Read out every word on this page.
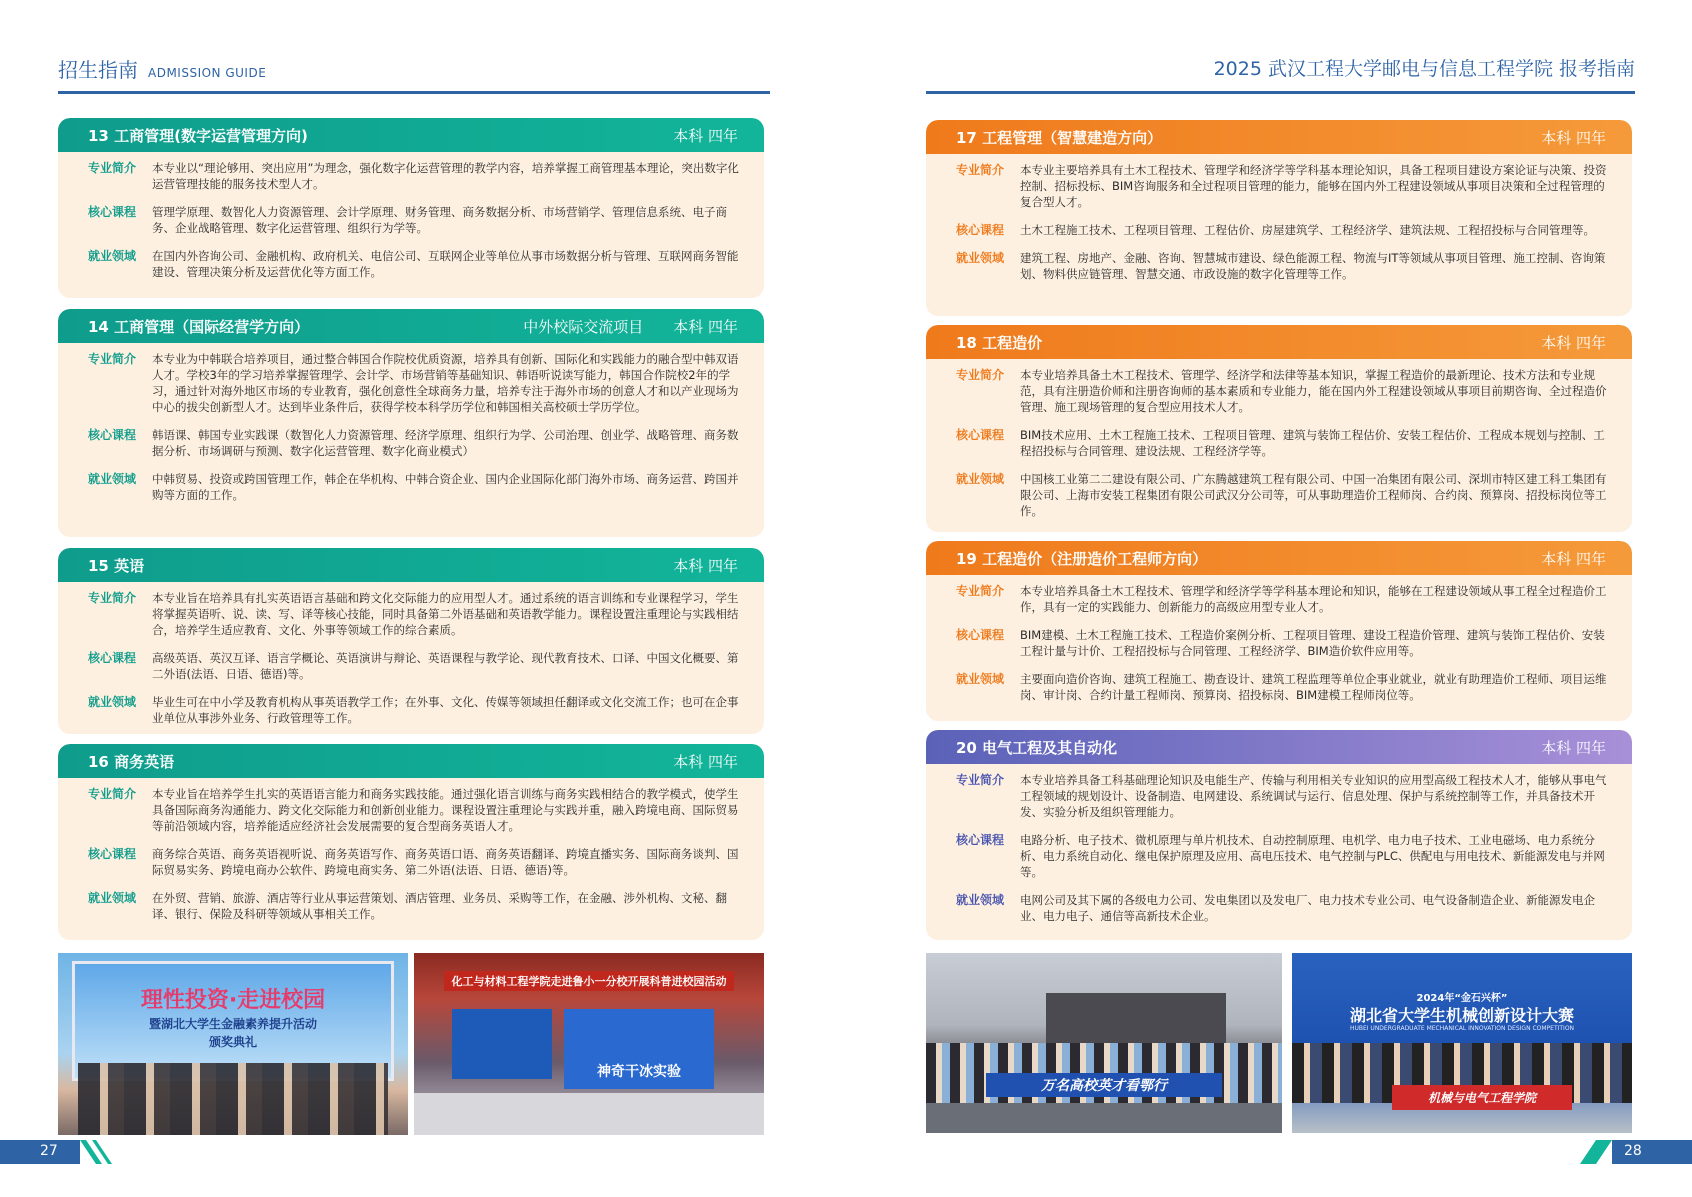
招生指南 ADMISSION GUIDE
13 工商管理(数字运营管理方向)	本科 四年
专业简介	本专业以“理论够用、突出应用”为理念，强化数字化运营管理的教学内容，培养掌握工商管理基本理论，突出数字化运营管理技能的服务技术型人才。
核心课程	管理学原理、数智化人力资源管理、会计学原理、财务管理、商务数据分析、市场营销学、管理信息系统、电子商务、企业战略管理、数字化运营管理、组织行为学等。
就业领域	在国内外咨询公司、金融机构、政府机关、电信公司、互联网企业等单位从事市场数据分析与管理、互联网商务智能建设、管理决策分析及运营优化等方面工作。
14 工商管理（国际经营学方向）	中外校际交流项目 本科 四年
专业简介	本专业为中韩联合培养项目，通过整合韩国合作院校优质资源，培养具有创新、国际化和实践能力的融合型中韩双语人才。学校3年的学习培养掌握管理学、会计学、市场营销等基础知识、韩语听说读写能力，韩国合作院校2年的学习，通过针对海外地区市场的专业教育，强化创意性全球商务力量，培养专注于海外市场的创意人才和以产业现场为中心的拔尖创新型人才。达到毕业条件后，获得学校本科学历学位和韩国相关高校硕士学历学位。
核心课程	韩语课、韩国专业实践课（数智化人力资源管理、经济学原理、组织行为学、公司治理、创业学、战略管理、商务数据分析、市场调研与预测、数字化运营管理、数字化商业模式）
就业领域	中韩贸易、投资或跨国管理工作，韩企在华机构、中韩合资企业、国内企业国际化部门海外市场、商务运营、跨国并购等方面的工作。
15 英语	本科 四年
专业简介	本专业旨在培养具有扎实英语语言基础和跨文化交际能力的应用型人才。通过系统的语言训练和专业课程学习，学生将掌握英语听、说、读、写、译等核心技能，同时具备第二外语基础和英语教学能力。课程设置注重理论与实践相结合，培养学生适应教育、文化、外事等领域工作的综合素质。
核心课程	高级英语、英汉互译、语言学概论、英语演讲与辩论、英语课程与教学论、现代教育技术、口译、中国文化概要、第二外语(法语、日语、德语)等。
就业领域	毕业生可在中小学及教育机构从事英语教学工作；在外事、文化、传媒等领域担任翻译或文化交流工作；也可在企事业单位从事涉外业务、行政管理等工作。
16 商务英语	本科 四年
专业简介	本专业旨在培养学生扎实的英语语言能力和商务实践技能。通过强化语言训练与商务实践相结合的教学模式，使学生具备国际商务沟通能力、跨文化交际能力和创新创业能力。课程设置注重理论与实践并重，融入跨境电商、国际贸易等前沿领域内容，培养能适应经济社会发展需要的复合型商务英语人才。
核心课程	商务综合英语、商务英语视听说、商务英语写作、商务英语口语、商务英语翻译、跨境直播实务、国际商务谈判、国际贸易实务、跨境电商办公软件、跨境电商实务、第二外语(法语、日语、德语)等。
就业领域	在外贸、营销、旅游、酒店等行业从事运营策划、酒店管理、业务员、采购等工作，在金融、涉外机构、文秘、翻译、银行、保险及科研等领域从事相关工作。
理性投资·走进校园
暨湖北大学生金融素养提升活动
颁奖典礼
化工与材料工程学院走进鲁小一分校开展科普进校园活动
神奇干冰实验
27
2025 武汉工程大学邮电与信息工程学院 报考指南
17 工程管理（智慧建造方向）	本科 四年
专业简介	本专业主要培养具有土木工程技术、管理学和经济学等学科基本理论知识，具备工程项目建设方案论证与决策、投资控制、招标投标、BIM咨询服务和全过程项目管理的能力，能够在国内外工程建设领域从事项目决策和全过程管理的复合型人才。
核心课程	土木工程施工技术、工程项目管理、工程估价、房屋建筑学、工程经济学、建筑法规、工程招投标与合同管理等。
就业领域	建筑工程、房地产、金融、咨询、智慧城市建设、绿色能源工程、物流与IT等领域从事项目管理、施工控制、咨询策划、物料供应链管理、智慧交通、市政设施的数字化管理等工作。
18 工程造价	本科 四年
专业简介	本专业培养具备土木工程技术、管理学、经济学和法律等基本知识，掌握工程造价的最新理论、技术方法和专业规范，具有注册造价师和注册咨询师的基本素质和专业能力，能在国内外工程建设领域从事项目前期咨询、全过程造价管理、施工现场管理的复合型应用技术人才。
核心课程	BIM技术应用、土木工程施工技术、工程项目管理、建筑与装饰工程估价、安装工程估价、工程成本规划与控制、工程招投标与合同管理、建设法规、工程经济学等。
就业领域	中国核工业第二二建设有限公司、广东腾越建筑工程有限公司、中国一冶集团有限公司、深圳市特区建工科工集团有限公司、上海市安装工程集团有限公司武汉分公司等，可从事助理造价工程师岗、合约岗、预算岗、招投标岗位等工作。
19 工程造价（注册造价工程师方向）	本科 四年
专业简介	本专业培养具备土木工程技术、管理学和经济学等学科基本理论和知识，能够在工程建设领域从事工程全过程造价工作，具有一定的实践能力、创新能力的高级应用型专业人才。
核心课程	BIM建模、土木工程施工技术、工程造价案例分析、工程项目管理、建设工程造价管理、建筑与装饰工程估价、安装工程计量与计价、工程招投标与合同管理、工程经济学、BIM造价软件应用等。
就业领域	主要面向造价咨询、建筑工程施工、勘查设计、建筑工程监理等单位企事业就业，就业有助理造价工程师、项目运维岗、审计岗、合约计量工程师岗、预算岗、招投标岗、BIM建模工程师岗位等。
20 电气工程及其自动化	本科 四年
专业简介	本专业培养具备工科基础理论知识及电能生产、传输与利用相关专业知识的应用型高级工程技术人才，能够从事电气工程领域的规划设计、设备制造、电网建设、系统调试与运行、信息处理、保护与系统控制等工作，并具备技术开发、实验分析及组织管理能力。
核心课程	电路分析、电子技术、微机原理与单片机技术、自动控制原理、电机学、电力电子技术、工业电磁场、电力系统分析、电力系统自动化、继电保护原理及应用、高电压技术、电气控制与PLC、供配电与用电技术、新能源发电与并网等。
就业领域	电网公司及其下属的各级电力公司、发电集团以及发电厂、电力技术专业公司、电气设备制造企业、新能源发电企业、电力电子、通信等高新技术企业。
万名高校英才看鄂行
2024年“金石兴杯”
湖北省大学生机械创新设计大赛
HUBEI UNDERGRADUATE MECHANICAL INNOVATION DESIGN COMPETITION
机械与电气工程学院
28
